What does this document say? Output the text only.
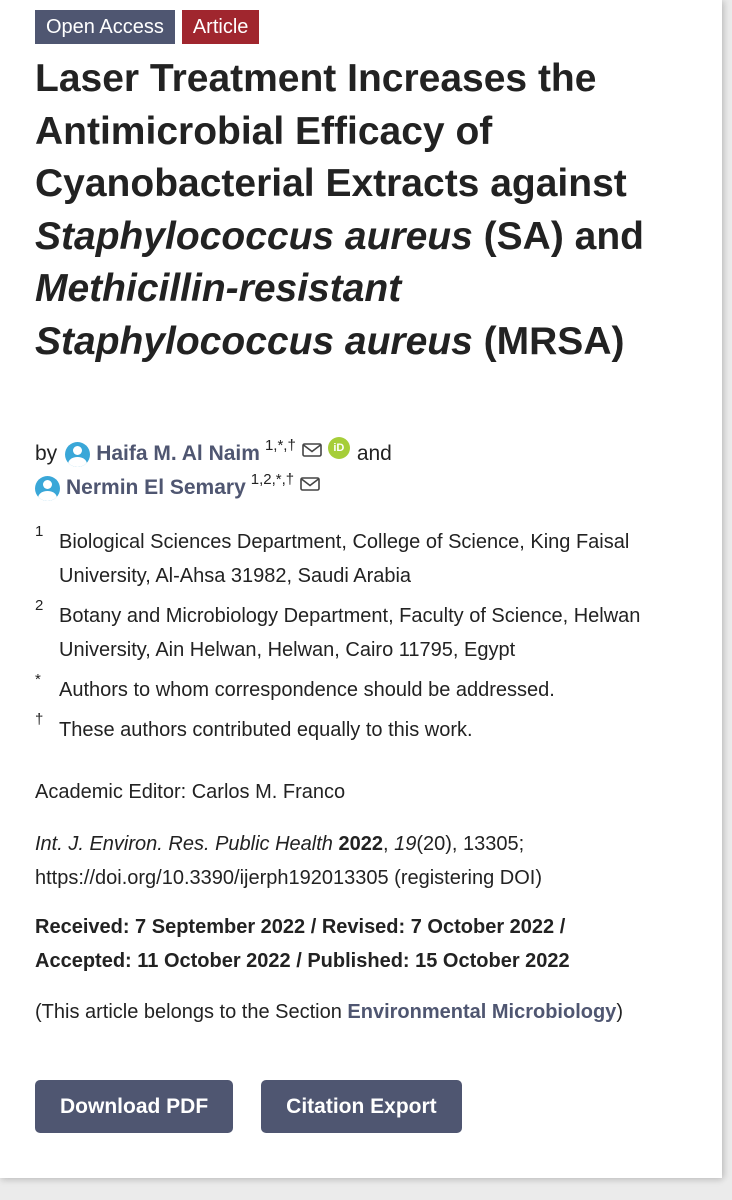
Open Access	Article
Laser Treatment Increases the Antimicrobial Efficacy of Cyanobacterial Extracts against Staphylococcus aureus (SA) and Methicillin-resistant Staphylococcus aureus (MRSA)
by Haifa M. Al Naim 1,*,†	iD and
Nermin El Semary 1,2,*,†
1 Biological Sciences Department, College of Science, King Faisal University, Al-Ahsa 31982, Saudi Arabia
2 Botany and Microbiology Department, Faculty of Science, Helwan University, Ain Helwan, Helwan, Cairo 11795, Egypt
* Authors to whom correspondence should be addressed.
† These authors contributed equally to this work.
Academic Editor: Carlos M. Franco
Int. J. Environ. Res. Public Health 2022, 19(20), 13305;
https://doi.org/10.3390/ijerph192013305 (registering DOI)
Received: 7 September 2022 / Revised: 7 October 2022 /
Accepted: 11 October 2022 / Published: 15 October 2022
(This article belongs to the Section Environmental Microbiology)
Download PDF	Citation Export
